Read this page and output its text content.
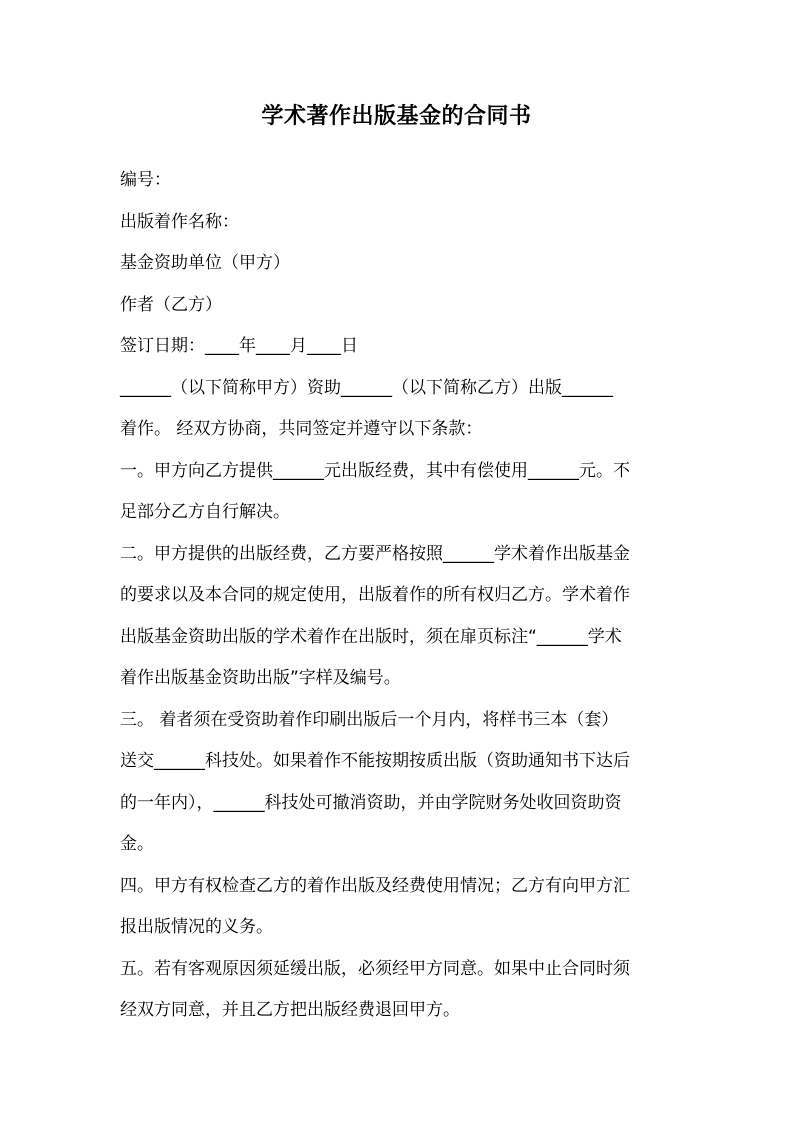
学术著作出版基金的合同书

编号：

出版着作名称：

基金资助单位（甲方）

作者（乙方）

签订日期：____年____月____日

______（以下简称甲方）资助______（以下简称乙方）出版______

着作。 经双方协商，共同签定并遵守以下条款：

一。甲方向乙方提供______元出版经费，其中有偿使用______元。不

足部分乙方自行解决。

二。甲方提供的出版经费，乙方要严格按照______学术着作出版基金

的要求以及本合同的规定使用，出版着作的所有权归乙方。学术着作

出版基金资助出版的学术着作在出版时，须在扉页标注“______学术

着作出版基金资助出版”字样及编号。

三。 着者须在受资助着作印刷出版后一个月内，将样书三本（套）

送交______科技处。如果着作不能按期按质出版（资助通知书下达后

的一年内），______科技处可撤消资助，并由学院财务处收回资助资

金。

四。甲方有权检查乙方的着作出版及经费使用情况；乙方有向甲方汇

报出版情况的义务。

五。若有客观原因须延缓出版，必须经甲方同意。如果中止合同时须

经双方同意，并且乙方把出版经费退回甲方。
